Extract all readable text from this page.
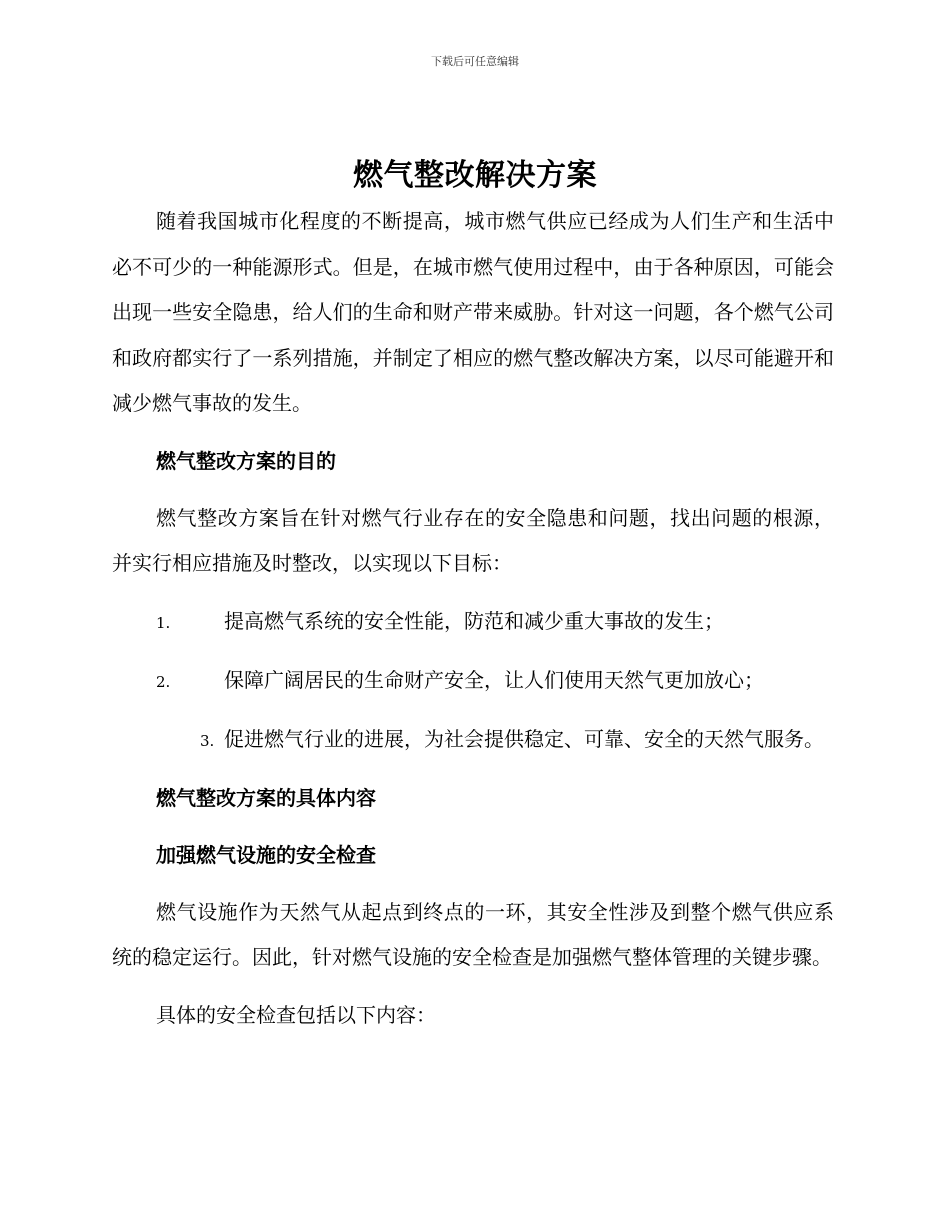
下载后可任意编辑
燃气整改解决方案

随着我国城市化程度的不断提高，城市燃气供应已经成为人们生产和生活中必不可少的一种能源形式。但是，在城市燃气使用过程中，由于各种原因，可能会出现一些安全隐患，给人们的生命和财产带来威胁。针对这一问题，各个燃气公司和政府都实行了一系列措施，并制定了相应的燃气整改解决方案，以尽可能避开和减少燃气事故的发生。

燃气整改方案的目的

燃气整改方案旨在针对燃气行业存在的安全隐患和问题，找出问题的根源，并实行相应措施及时整改，以实现以下目标：

1.	提高燃气系统的安全性能，防范和减少重大事故的发生；

2.	保障广阔居民的生命财产安全，让人们使用天然气更加放心；

3. 促进燃气行业的进展，为社会提供稳定、可靠、安全的天然气服务。

燃气整改方案的具体内容

加强燃气设施的安全检查

燃气设施作为天然气从起点到终点的一环，其安全性涉及到整个燃气供应系统的稳定运行。因此，针对燃气设施的安全检查是加强燃气整体管理的关键步骤。

具体的安全检查包括以下内容：
